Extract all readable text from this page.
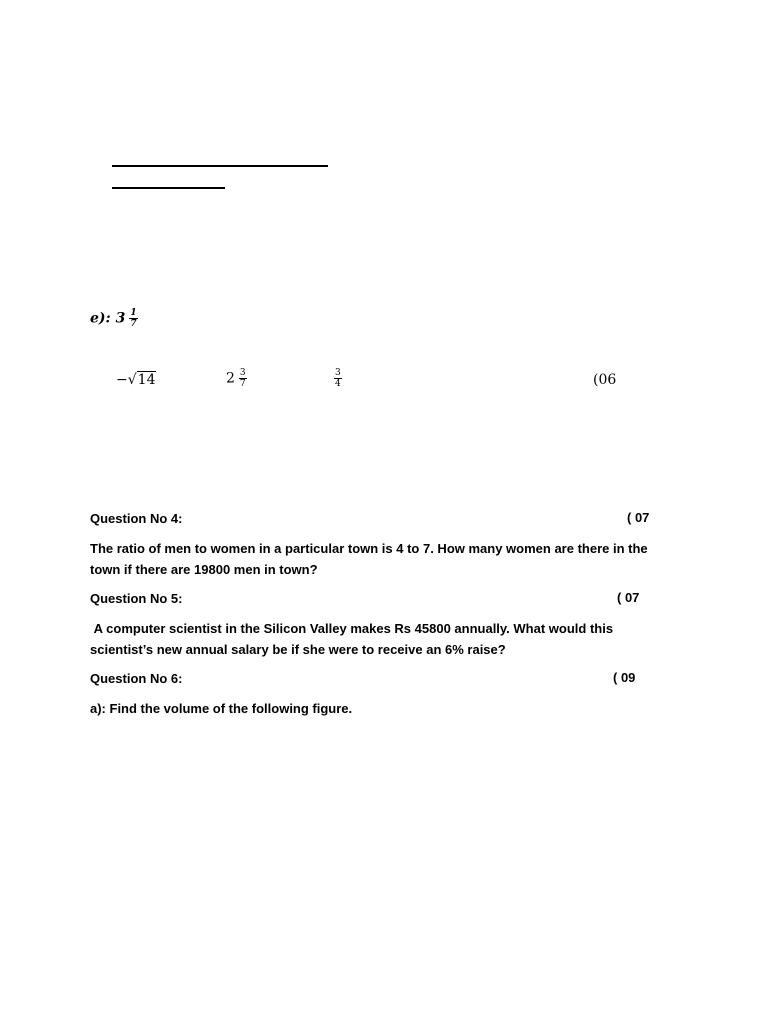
e): $3 \frac{1}{7}$
−√14	$2 \frac{3}{7}$	$\frac{3}{4}$	(06
Question No 4:	( 07
The ratio of men to women in a particular town is 4 to 7. How many women are there in the town if there are 19800 men in town?
Question No 5:	( 07
A computer scientist in the Silicon Valley makes Rs 45800 annually. What would this scientist’s new annual salary be if she were to receive an 6% raise?
Question No 6:	( 09
a): Find the volume of the following figure.
